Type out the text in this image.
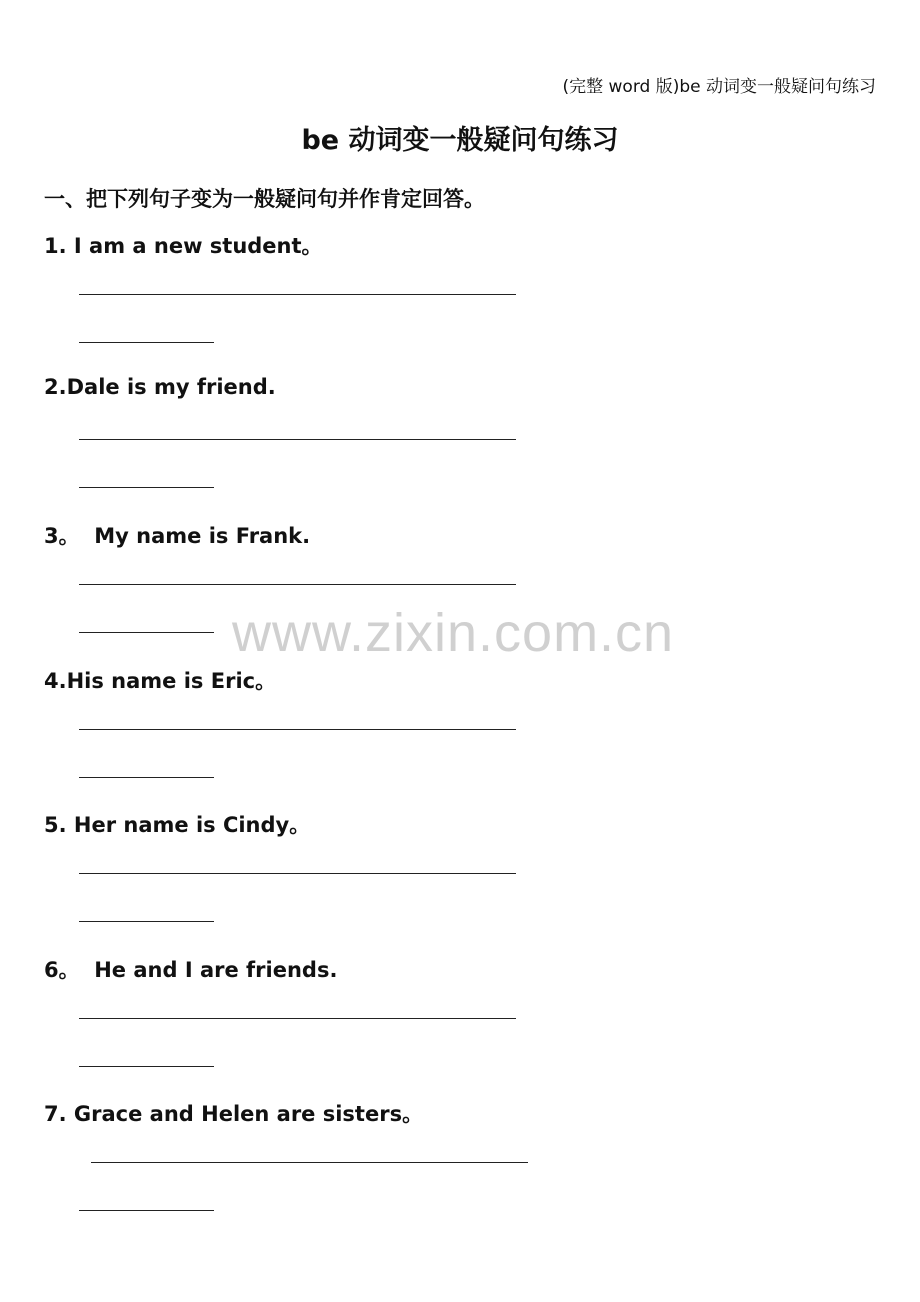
(完整 word 版)be 动词变一般疑问句练习
be 动词变一般疑问句练习
一、把下列句子变为一般疑问句并作肯定回答。
1. I am a new student。
2.Dale is my friend.
3。  My name is Frank.
4.His name is Eric。
5. Her name is Cindy。
6。  He and I are friends.
7. Grace and Helen are sisters。
www.zixin.com.cn
